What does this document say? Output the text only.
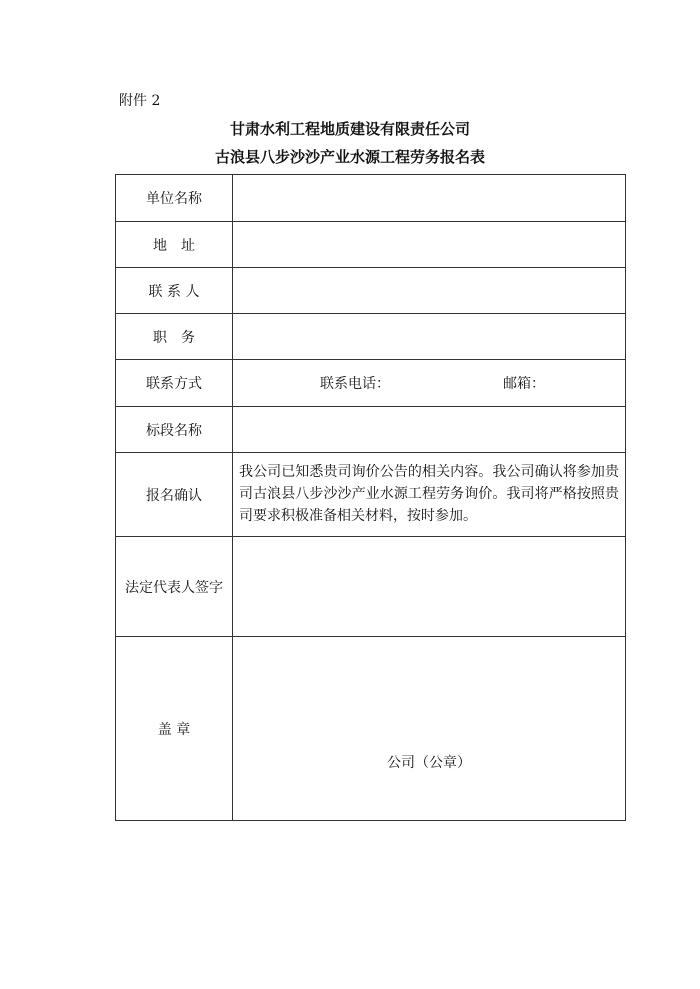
附件 2
甘肃水利工程地质建设有限责任公司
古浪县八步沙沙产业水源工程劳务报名表
单位名称	
地　址	
联 系 人	
职　务	
联系方式	联系电话： 邮箱：

标段名称	
报名确认	我公司已知悉贵司询价公告的相关内容。我公司确认将参加贵司古浪县八步沙沙产业水源工程劳务询价。我司将严格按照贵司要求积极准备相关材料，按时参加。
法定代表人签字	
盖 章	公司（公章）
